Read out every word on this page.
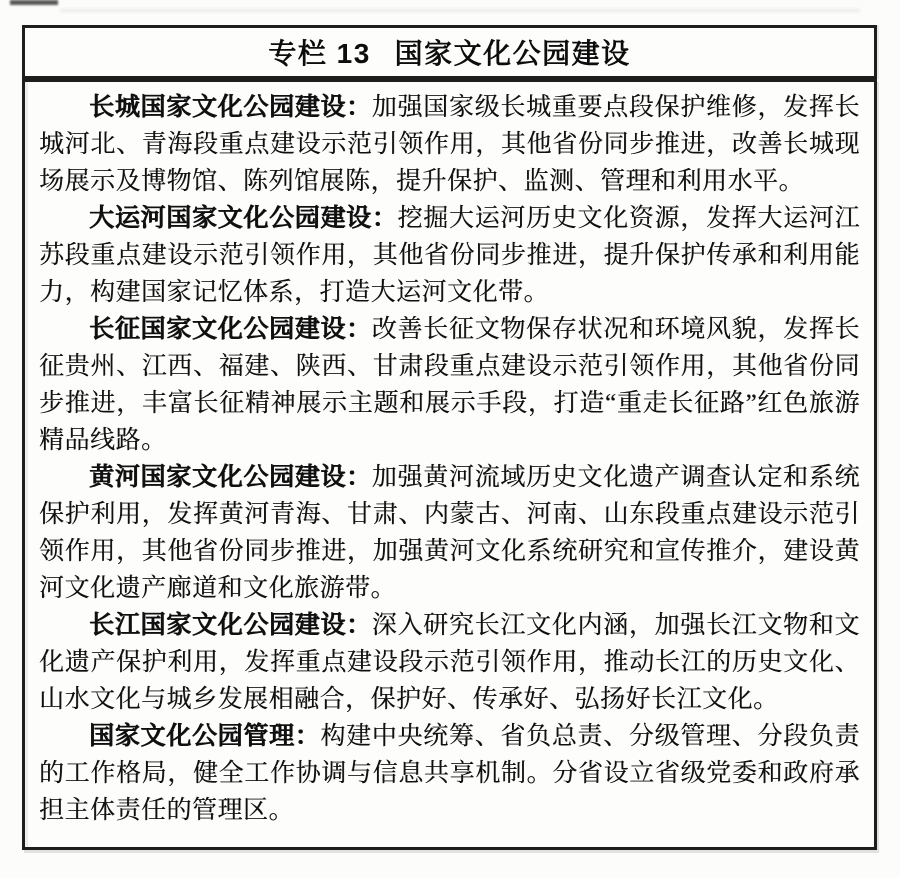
专栏 13 国家文化公园建设

长城国家文化公园建设：加强国家级长城重要点段保护维修，发挥长城河北、青海段重点建设示范引领作用，其他省份同步推进，改善长城现场展示及博物馆、陈列馆展陈，提升保护、监测、管理和利用水平。

大运河国家文化公园建设：挖掘大运河历史文化资源，发挥大运河江苏段重点建设示范引领作用，其他省份同步推进，提升保护传承和利用能力，构建国家记忆体系，打造大运河文化带。

长征国家文化公园建设：改善长征文物保存状况和环境风貌，发挥长征贵州、江西、福建、陕西、甘肃段重点建设示范引领作用，其他省份同步推进，丰富长征精神展示主题和展示手段，打造“重走长征路”红色旅游精品线路。

黄河国家文化公园建设：加强黄河流域历史文化遗产调查认定和系统保护利用，发挥黄河青海、甘肃、内蒙古、河南、山东段重点建设示范引领作用，其他省份同步推进，加强黄河文化系统研究和宣传推介，建设黄河文化遗产廊道和文化旅游带。

长江国家文化公园建设：深入研究长江文化内涵，加强长江文物和文化遗产保护利用，发挥重点建设段示范引领作用，推动长江的历史文化、山水文化与城乡发展相融合，保护好、传承好、弘扬好长江文化。

国家文化公园管理：构建中央统筹、省负总责、分级管理、分段负责的工作格局，健全工作协调与信息共享机制。分省设立省级党委和政府承担主体责任的管理区。
